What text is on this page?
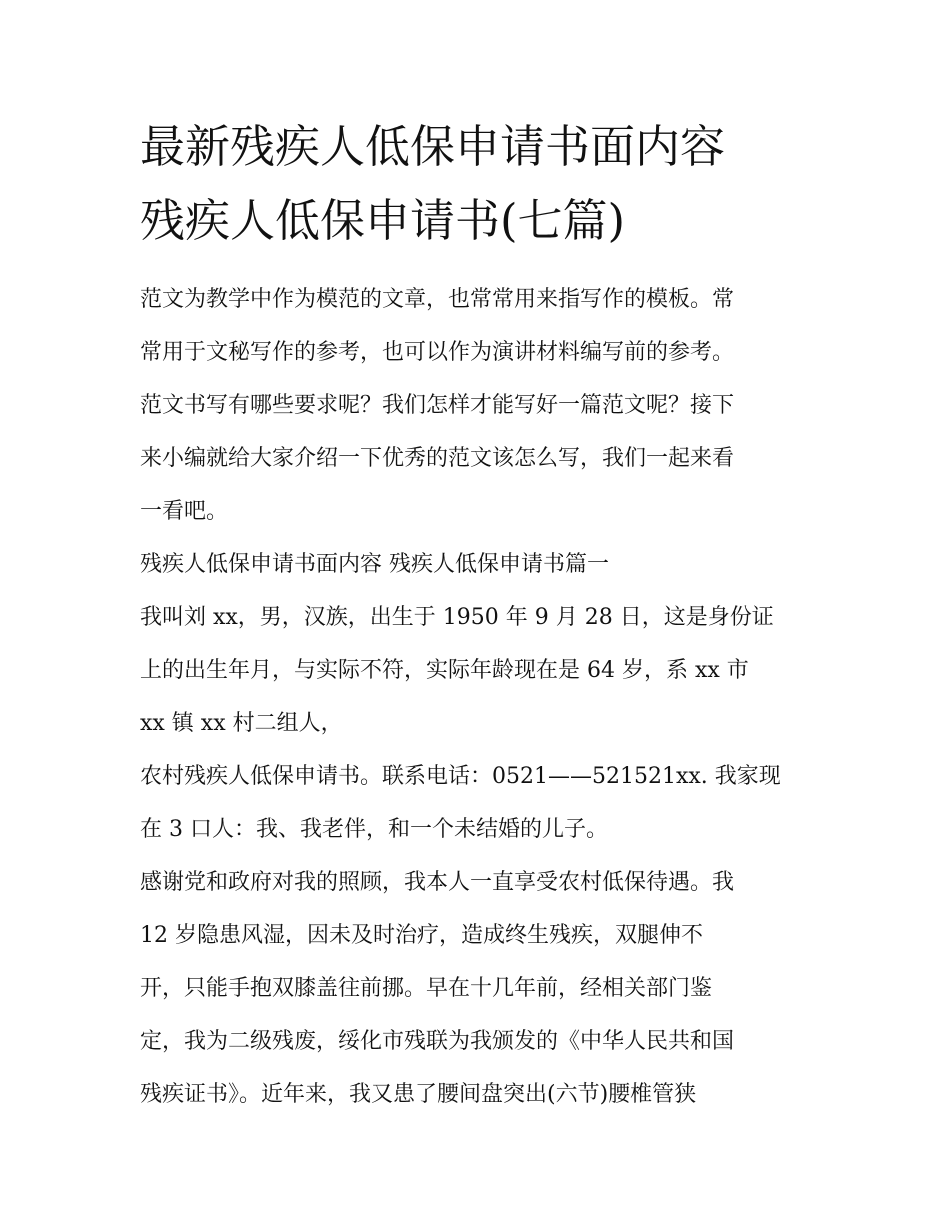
最新残疾人低保申请书面内容
残疾人低保申请书(七篇)
范文为教学中作为模范的文章，也常常用来指写作的模板。常
常用于文秘写作的参考，也可以作为演讲材料编写前的参考。
范文书写有哪些要求呢？我们怎样才能写好一篇范文呢？接下
来小编就给大家介绍一下优秀的范文该怎么写，我们一起来看
一看吧。
残疾人低保申请书面内容 残疾人低保申请书篇一
我叫刘 xx，男，汉族，出生于 1950 年 9 月 28 日，这是身份证
上的出生年月，与实际不符，实际年龄现在是 64 岁，系 xx 市
xx 镇 xx 村二组人，
农村残疾人低保申请书。联系电话：0521——521521xx. 我家现
在 3 口人：我、我老伴，和一个未结婚的儿子。
感谢党和政府对我的照顾，我本人一直享受农村低保待遇。我
12 岁隐患风湿，因未及时治疗，造成终生残疾，双腿伸不
开，只能手抱双膝盖往前挪。早在十几年前，经相关部门鉴
定，我为二级残废，绥化市残联为我颁发的《中华人民共和国
残疾证书》。近年来，我又患了腰间盘突出(六节)腰椎管狭
